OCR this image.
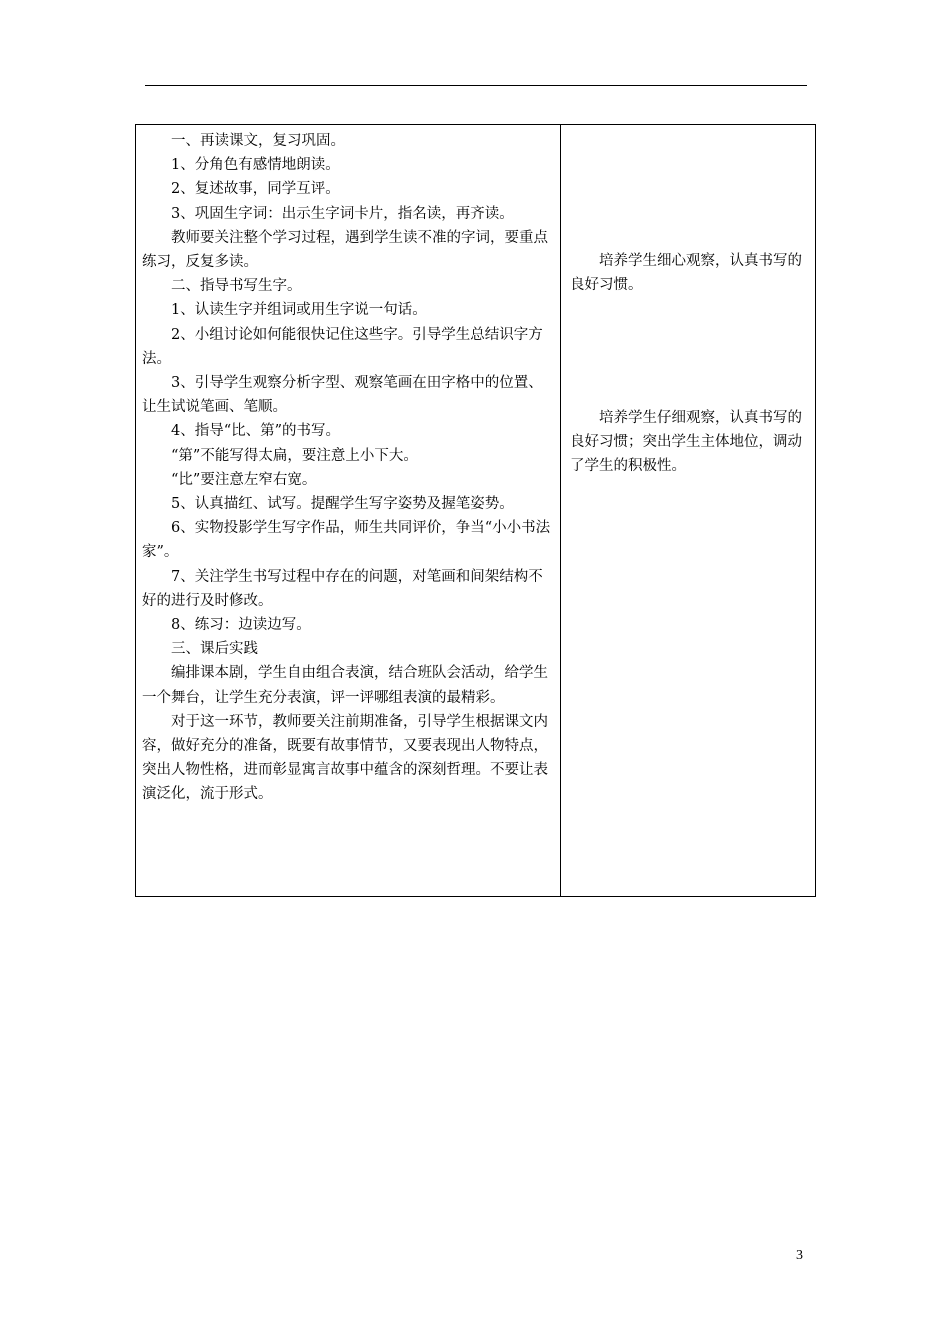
一、再读课文，复习巩固。

1、分角色有感情地朗读。

2、复述故事，同学互评。

3、巩固生字词：出示生字词卡片，指名读，再齐读。

教师要关注整个学习过程，遇到学生读不准的字词，要重点练习，反复多读。

二、指导书写生字。

1、认读生字并组词或用生字说一句话。

2、小组讨论如何能很快记住这些字。引导学生总结识字方法。

3、引导学生观察分析字型、观察笔画在田字格中的位置、让生试说笔画、笔顺。

4、指导“比、第”的书写。

“第”不能写得太扁，要注意上小下大。

“比”要注意左窄右宽。

5、认真描红、试写。提醒学生写字姿势及握笔姿势。

6、实物投影学生写字作品，师生共同评价，争当“小小书法家”。

7、关注学生书写过程中存在的问题，对笔画和间架结构不好的进行及时修改。

8、练习：边读边写。

三、课后实践

编排课本剧，学生自由组合表演，结合班队会活动，给学生一个舞台，让学生充分表演，评一评哪组表演的最精彩。

对于这一环节，教师要关注前期准备，引导学生根据课文内容，做好充分的准备，既要有故事情节，又要表现出人物特点，突出人物性格，进而彰显寓言故事中蕴含的深刻哲理。不要让表演泛化，流于形式。

培养学生细心观察，认真书写的良好习惯。

培养学生仔细观察，认真书写的良好习惯；突出学生主体地位，调动了学生的积极性。

3
